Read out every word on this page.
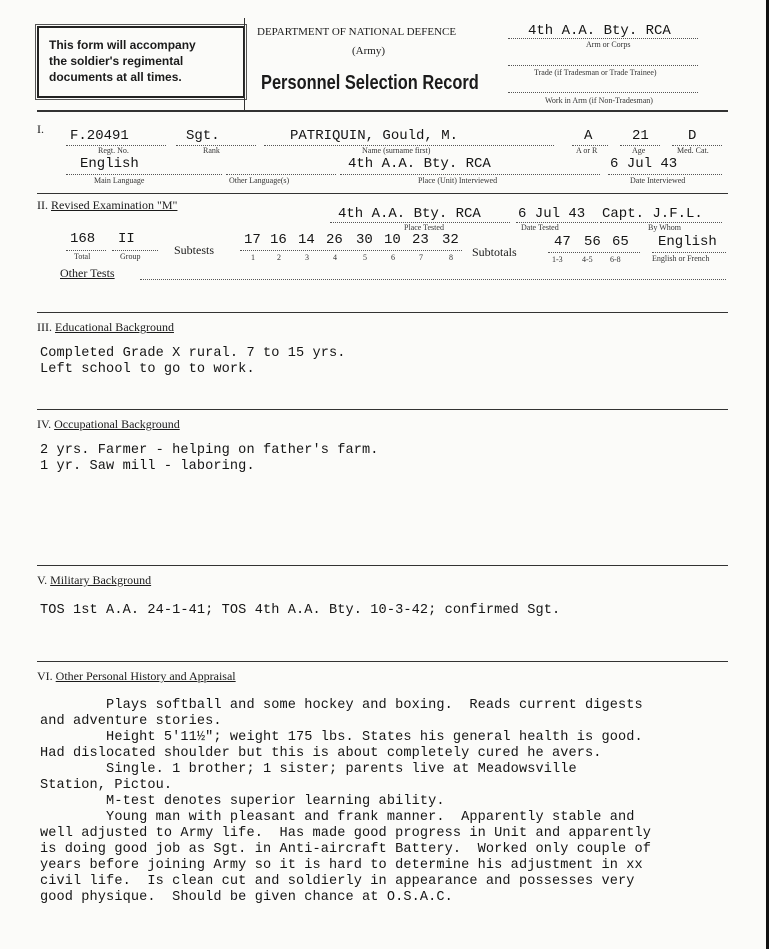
This form will accompany
the soldier's regimental
documents at all times.
DEPARTMENT OF NATIONAL DEFENCE
(Army)
Personnel Selection Record
4th A.A. Bty. RCA
Arm or Corps
Trade (if Tradesman or Trade Trainee)
Work in Arm (if Non-Tradesman)
I. F.20491
Regt. No.
Sgt.
Rank
PATRIQUIN, Gould, M.
Name (surname first)
A
A or R
21
Age
D
Med. Cat.
English
Main Language	Other Language(s)
4th A.A. Bty. RCA
Place (Unit) Interviewed
6 Jul 43
Date Interviewed
II. Revised Examination "M"
4th A.A. Bty. RCA
Place Tested
6 Jul 43
Date Tested
Capt. J.F.L.
By Whom
168
Total
II
Group	Subtests
17
1
16
2
14
3
26
4
30
5
10
6
23
7
32
8 Subtotals
47
1-3
56
4-5
65
6-8
English
English or French
Other Tests
III. Educational Background
Completed Grade X rural. 7 to 15 yrs.
Left school to go to work.
IV. Occupational Background
2 yrs. Farmer - helping on father's farm.
1 yr. Saw mill - laboring.
V. Military Background
TOS 1st A.A. 24-1-41; TOS 4th A.A. Bty. 10-3-42; confirmed Sgt.
VI. Other Personal History and Appraisal
Plays softball and some hockey and boxing.  Reads current digests
and adventure stories.
Height 5'11½"; weight 175 lbs. States his general health is good.
Had dislocated shoulder but this is about completely cured he avers.
Single. 1 brother; 1 sister; parents live at Meadowsville
Station, Pictou.
M-test denotes superior learning ability.
Young man with pleasant and frank manner.  Apparently stable and
well adjusted to Army life.  Has made good progress in Unit and apparently
is doing good job as Sgt. in Anti-aircraft Battery.  Worked only couple of
years before joining Army so it is hard to determine his adjustment in xx
civil life.  Is clean cut and soldierly in appearance and possesses very
good physique.  Should be given chance at O.S.A.C.
